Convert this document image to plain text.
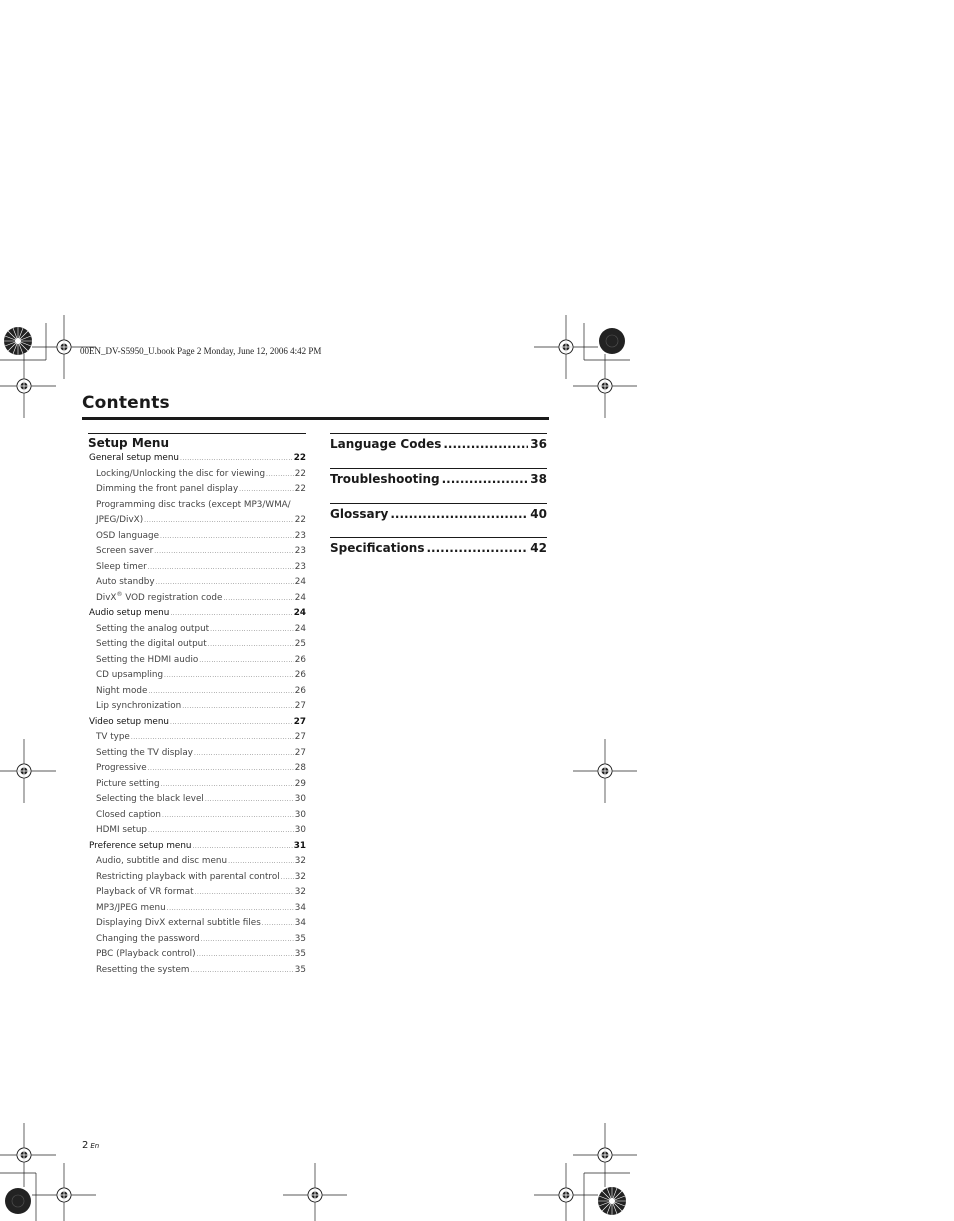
00EN_DV-S5950_U.book Page 2 Monday, June 12, 2006 4:42 PM
Contents
Setup Menu
General setup menu .....	22
Locking/Unlocking the disc for viewing .....	22
Dimming the front panel display .....	22
Programming disc tracks (except MP3/WMA/
JPEG/DivX) .....	22
OSD language .....	23
Screen saver .....	23
Sleep timer .....	23
Auto standby .....	24
DivX® VOD registration code .....	24
Audio setup menu .....	24
Setting the analog output .....	24
Setting the digital output .....	25
Setting the HDMI audio .....	26
CD upsampling .....	26
Night mode .....	26
Lip synchronization .....	27
Video setup menu .....	27
TV type .....	27
Setting the TV display .....	27
Progressive .....	28
Picture setting .....	29
Selecting the black level .....	30
Closed caption .....	30
HDMI setup .....	30
Preference setup menu .....	31
Audio, subtitle and disc menu .....	32
Restricting playback with parental control ..... 32
Playback of VR format .....	32
MP3/JPEG menu .....	34
Displaying DivX external subtitle files .....	34
Changing the password .....	35
PBC (Playback control) .....	35
Resetting the system .....	35
Language Codes .....	36
Troubleshooting .....	38
Glossary .....	40
Specifications .....	42
2 En
